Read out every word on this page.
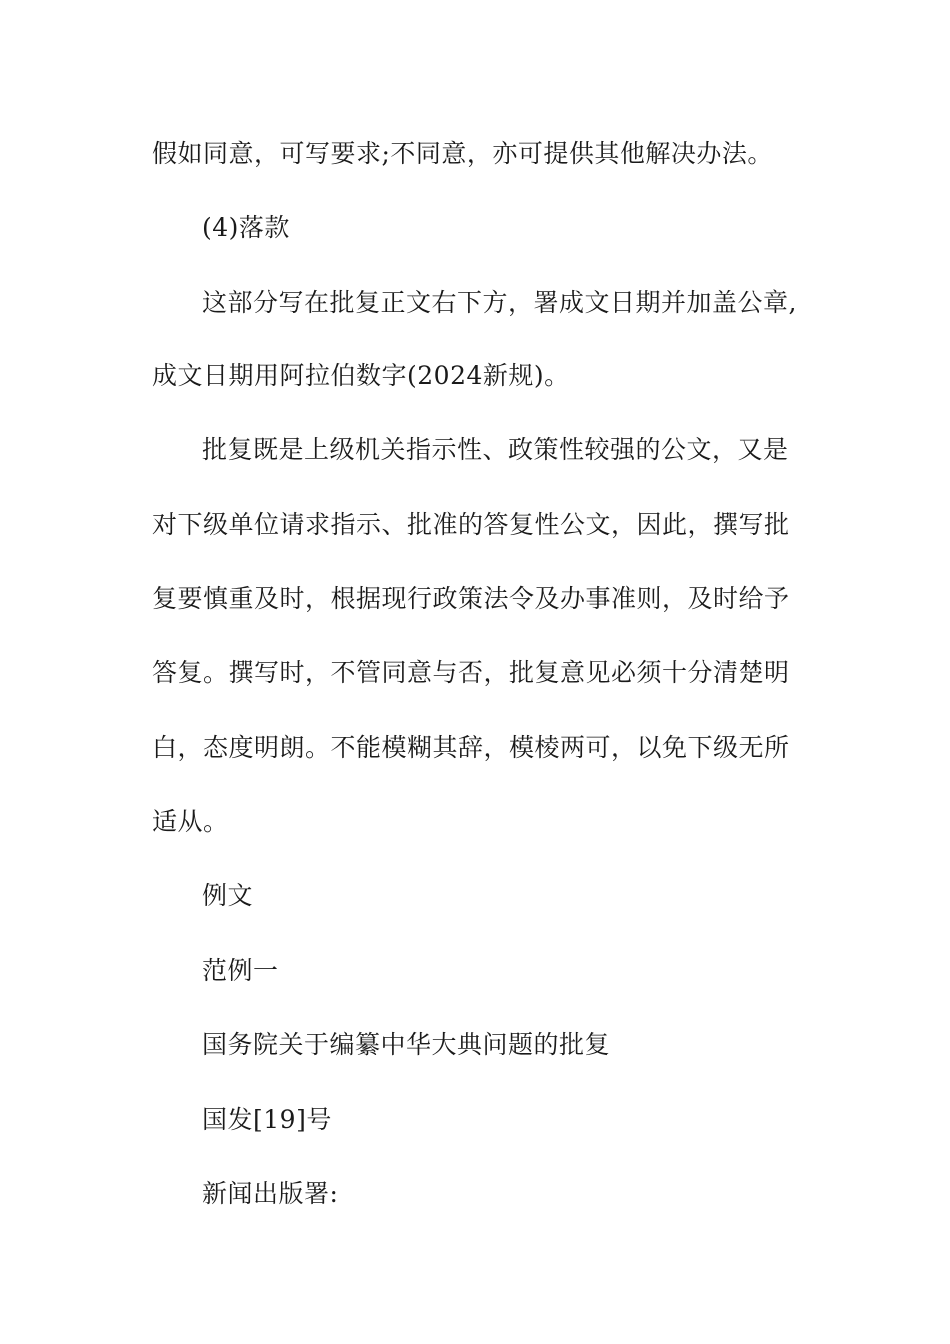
假如同意，可写要求;不同意，亦可提供其他解决办法。
(4)落款
这部分写在批复正文右下方，署成文日期并加盖公章,
成文日期用阿拉伯数字(2024新规)。
批复既是上级机关指示性、政策性较强的公文，又是
对下级单位请求指示、批准的答复性公文，因此，撰写批
复要慎重及时，根据现行政策法令及办事准则，及时给予
答复。撰写时，不管同意与否，批复意见必须十分清楚明
白，态度明朗。不能模糊其辞，模棱两可，以免下级无所
适从。
例文
范例一
国务院关于编纂中华大典问题的批复
国发[19]号
新闻出版署:
